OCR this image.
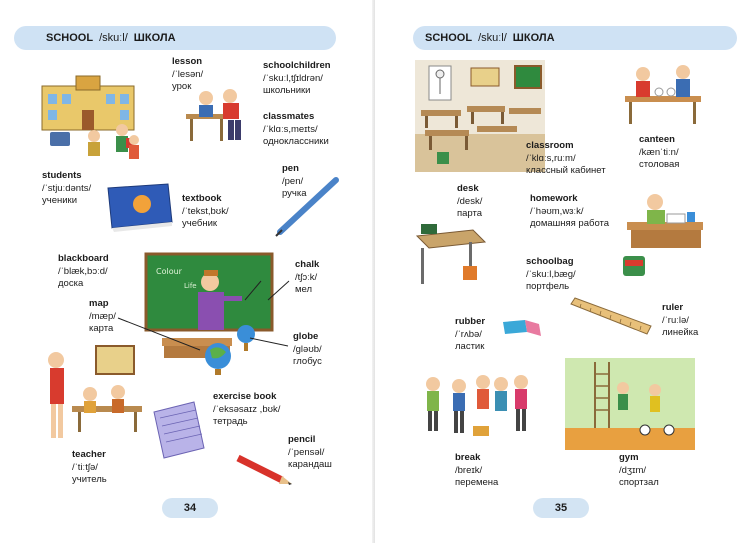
SCHOOL /skuːl/ ШКОЛА
Colour
Life
lesson
/ˈlesən/
урок
schoolchildren
/ˈskuːl,tʃɪldrən/
школьники
classmates
/ˈklɑːs,meɪts/
одноклассники
students
/ˈstjuːdənts/
ученики	textbook
/ˈtekst,bʊk/
учебник
pen
/pen/
ручка
blackboard
/ˈblæk,bɔːd/
доска
chalk
/tʃɔːk/
мел
map
/mæp/
карта
globe
/gləʊb/
глобус
exercise book
/ˈeksəsaɪz ,bʊk/
тетрадь
teacher
/ˈtiːtʃə/
учитель
pencil
/ˈpensəl/
карандаш
34
SCHOOL /skuːl/ ШКОЛА
classroom
/ˈklɑːs,ruːm/
классный кабинет
canteen
/kænˈtiːn/
столовая
desk
/desk/
парта
homework
/ˈhəʊm,wɜːk/
домашняя работа
schoolbag
/ˈskuːl,bæg/
портфель
ruler
/ˈruːlə/
линейка
rubber
/ˈrʌbə/
ластик
break
/breɪk/
перемена
gym
/dʒɪm/
спортзал
35
